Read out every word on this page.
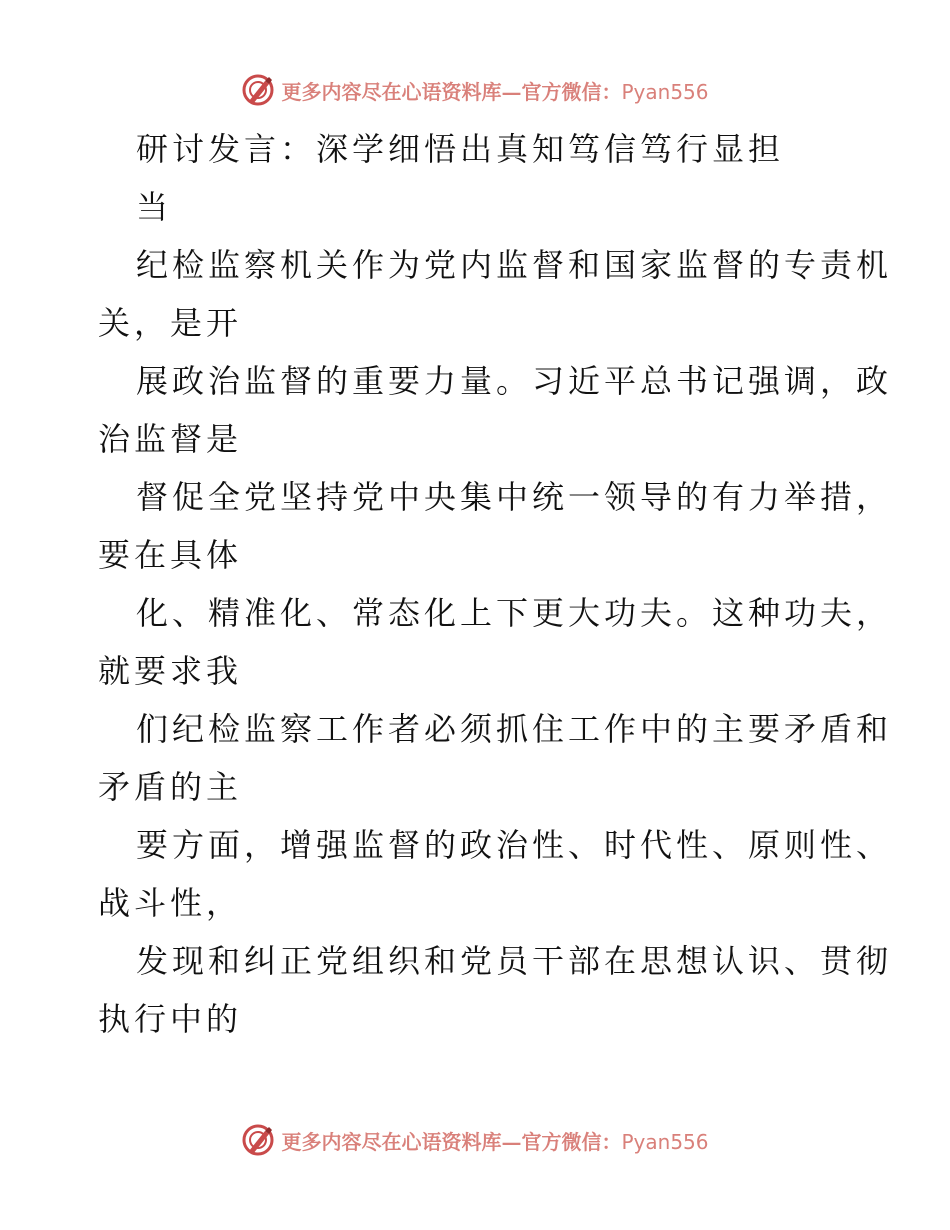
更多内容尽在心语资料库—官方微信：Pyan556
研讨发言：深学细悟出真知笃信笃行显担
当
纪检监察机关作为党内监督和国家监督的专责机
关，是开
展政治监督的重要力量。习近平总书记强调，政
治监督是
督促全党坚持党中央集中统一领导的有力举措，
要在具体
化、精准化、常态化上下更大功夫。这种功夫，
就要求我
们纪检监察工作者必须抓住工作中的主要矛盾和
矛盾的主
要方面，增强监督的政治性、时代性、原则性、
战斗性，
发现和纠正党组织和党员干部在思想认识、贯彻
执行中的
更多内容尽在心语资料库—官方微信：Pyan556
